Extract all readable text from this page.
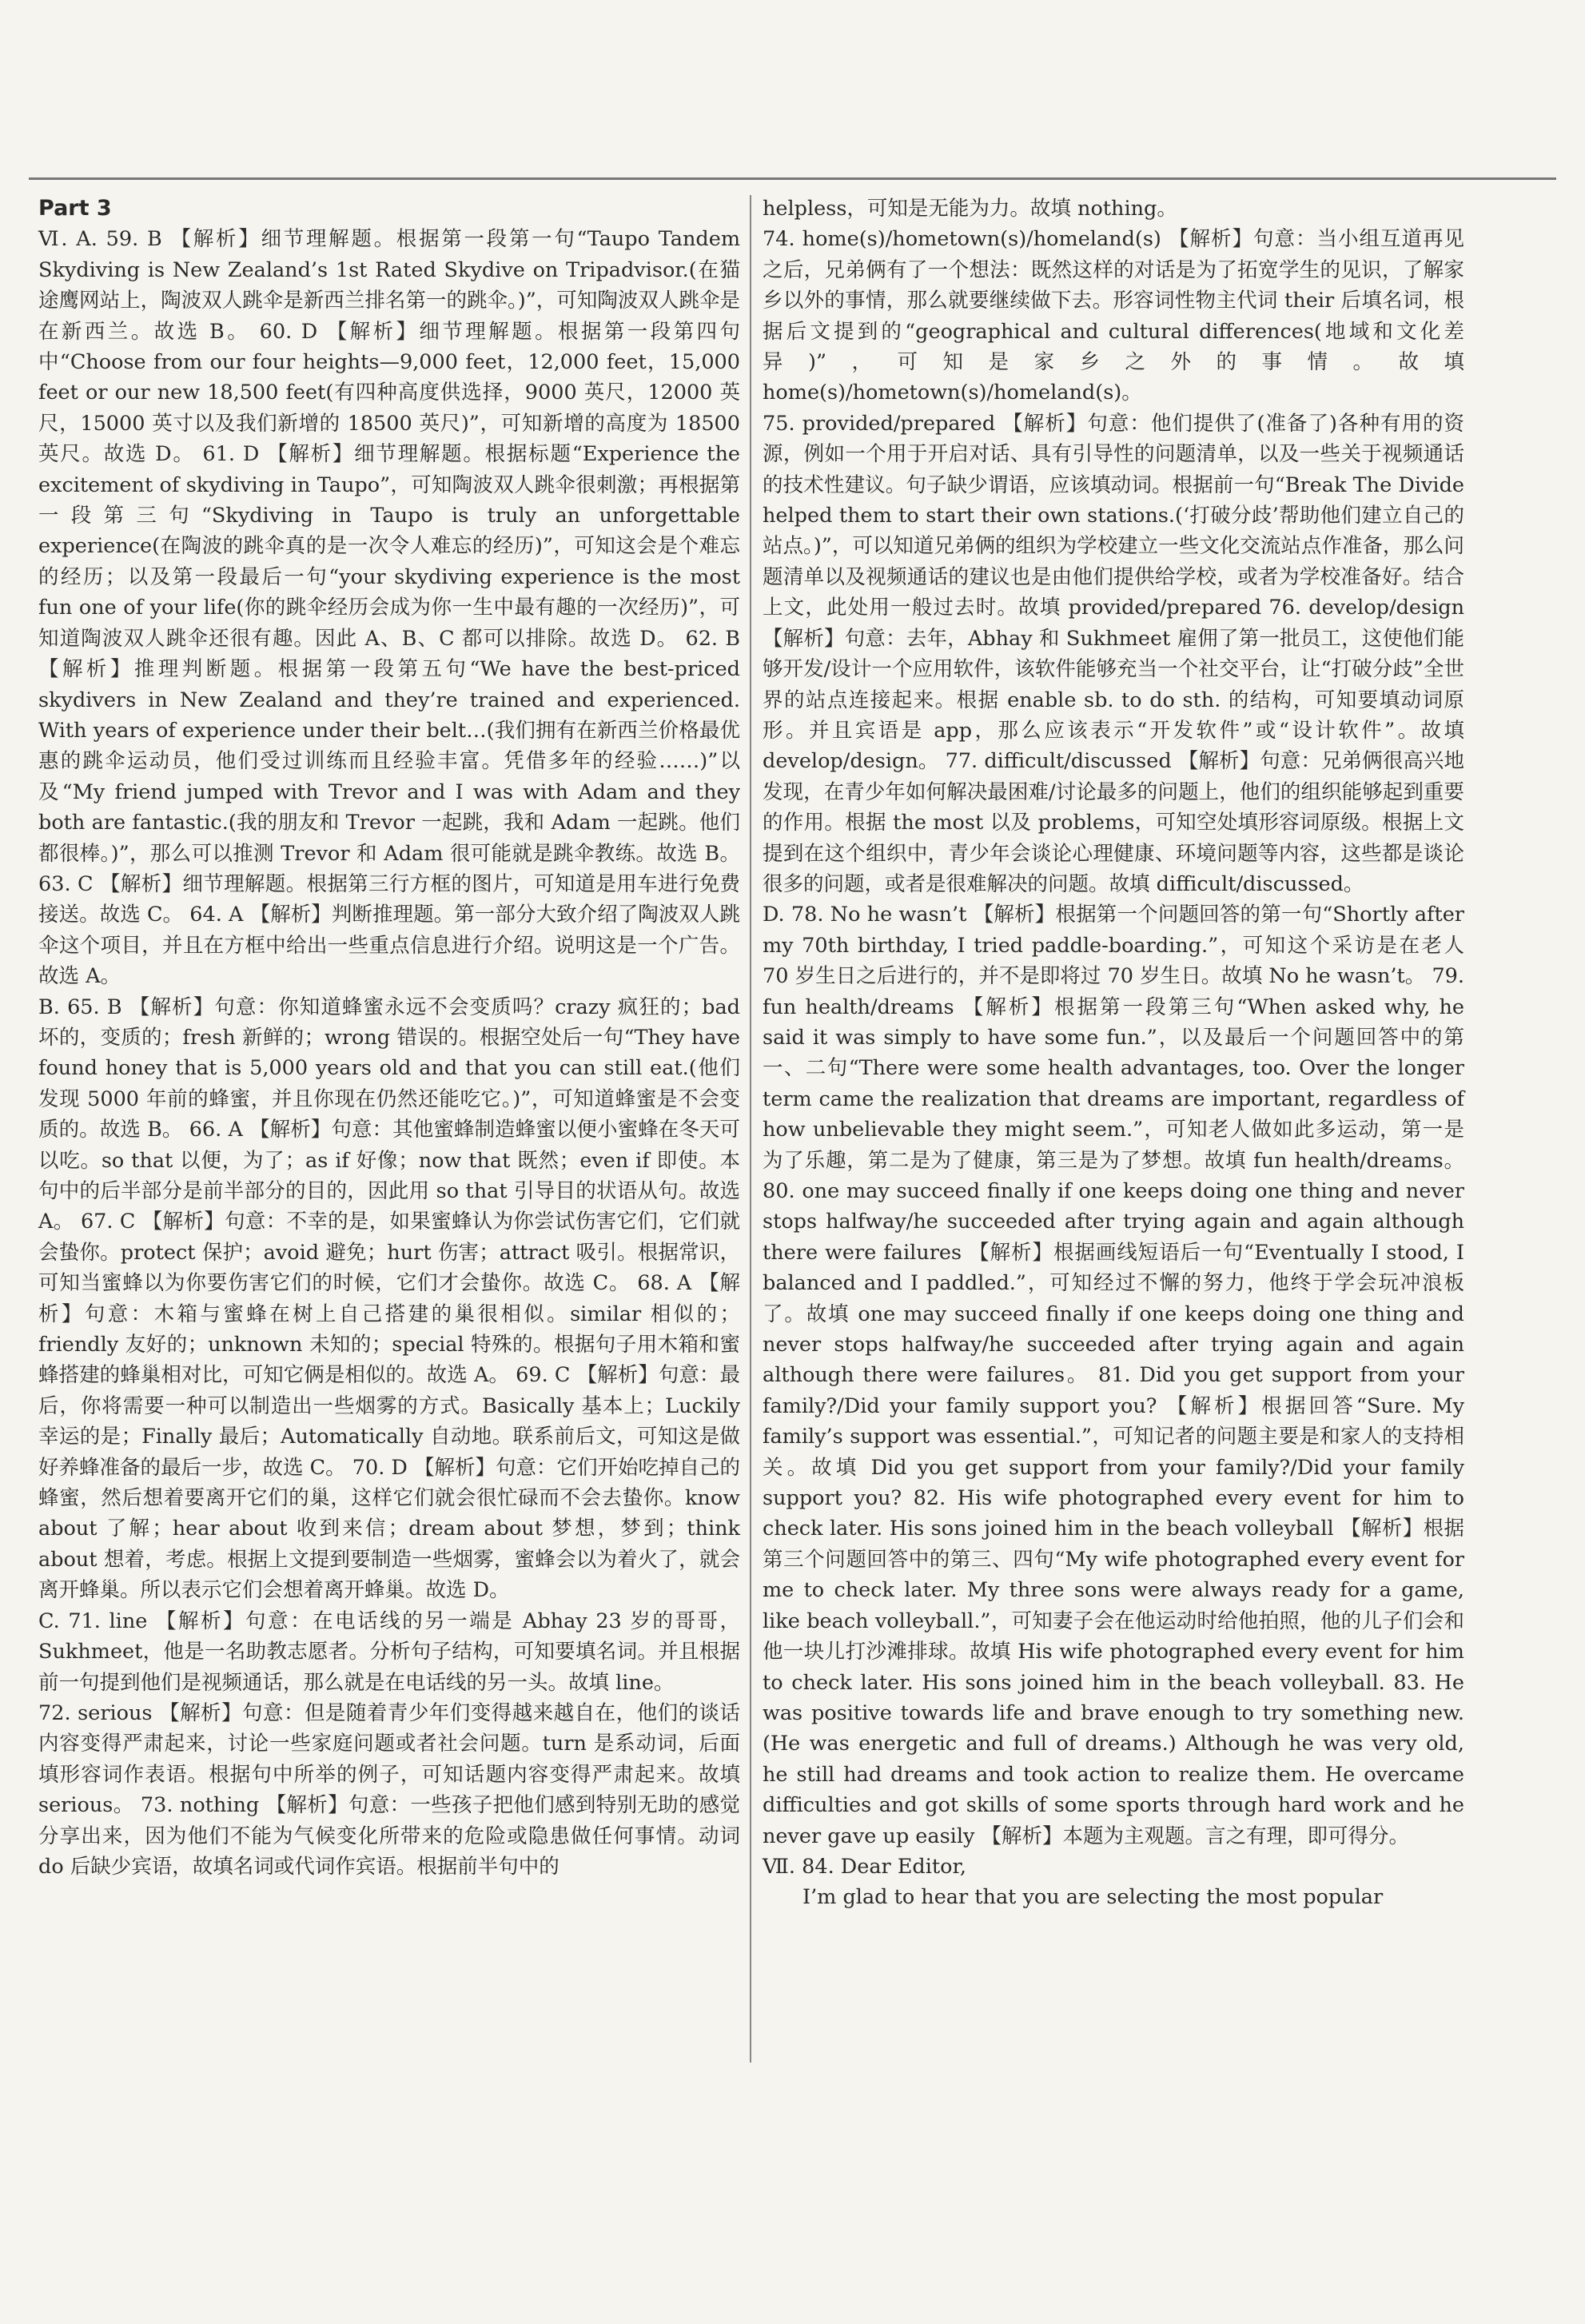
Part 3

Ⅵ. A. 59. B 【解析】细节理解题。根据第一段第一句“Taupo Tandem Skydiving is New Zealand’s 1st Rated Skydive on Tripadvisor.(在猫途鹰网站上，陶波双人跳伞是新西兰排名第一的跳伞。)”，可知陶波双人跳伞是在新西兰。故选 B。 60. D 【解析】细节理解题。根据第一段第四句中“Choose from our four heights—9,000 feet，12,000 feet，15,000 feet or our new 18,500 feet(有四种高度供选择，9000 英尺，12000 英尺，15000 英寸以及我们新增的 18500 英尺)”，可知新增的高度为 18500 英尺。故选 D。 61. D 【解析】细节理解题。根据标题“Experience the excitement of skydiving in Taupo”，可知陶波双人跳伞很刺激；再根据第一段第三句“Skydiving in Taupo is truly an unforgettable experience(在陶波的跳伞真的是一次令人难忘的经历)”，可知这会是个难忘的经历；以及第一段最后一句“your skydiving experience is the most fun one of your life(你的跳伞经历会成为你一生中最有趣的一次经历)”，可知道陶波双人跳伞还很有趣。因此 A、B、C 都可以排除。故选 D。 62. B 【解析】推理判断题。根据第一段第五句“We have the best-priced skydivers in New Zealand and they’re trained and experienced. With years of experience under their belt…(我们拥有在新西兰价格最优惠的跳伞运动员，他们受过训练而且经验丰富。凭借多年的经验……)”以及“My friend jumped with Trevor and I was with Adam and they both are fantastic.(我的朋友和 Trevor 一起跳，我和 Adam 一起跳。他们都很棒。)”，那么可以推测 Trevor 和 Adam 很可能就是跳伞教练。故选 B。 63. C 【解析】细节理解题。根据第三行方框的图片，可知道是用车进行免费接送。故选 C。 64. A 【解析】判断推理题。第一部分大致介绍了陶波双人跳伞这个项目，并且在方框中给出一些重点信息进行介绍。说明这是一个广告。故选 A。

B. 65. B 【解析】句意：你知道蜂蜜永远不会变质吗？crazy 疯狂的；bad 坏的，变质的；fresh 新鲜的；wrong 错误的。根据空处后一句“They have found honey that is 5,000 years old and that you can still eat.(他们发现 5000 年前的蜂蜜，并且你现在仍然还能吃它。)”，可知道蜂蜜是不会变质的。故选 B。 66. A 【解析】句意：其他蜜蜂制造蜂蜜以便小蜜蜂在冬天可以吃。so that 以便，为了；as if 好像；now that 既然；even if 即使。本句中的后半部分是前半部分的目的，因此用 so that 引导目的状语从句。故选 A。 67. C 【解析】句意：不幸的是，如果蜜蜂认为你尝试伤害它们，它们就会蛰你。protect 保护；avoid 避免；hurt 伤害；attract 吸引。根据常识，可知当蜜蜂以为你要伤害它们的时候，它们才会蛰你。故选 C。 68. A 【解析】句意：木箱与蜜蜂在树上自己搭建的巢很相似。similar 相似的；friendly 友好的；unknown 未知的；special 特殊的。根据句子用木箱和蜜蜂搭建的蜂巢相对比，可知它俩是相似的。故选 A。 69. C 【解析】句意：最后，你将需要一种可以制造出一些烟雾的方式。Basically 基本上；Luckily 幸运的是；Finally 最后；Automatically 自动地。联系前后文，可知这是做好养蜂准备的最后一步，故选 C。 70. D 【解析】句意：它们开始吃掉自己的蜂蜜，然后想着要离开它们的巢，这样它们就会很忙碌而不会去蛰你。know about 了解；hear about 收到来信；dream about 梦想，梦到；think about 想着，考虑。根据上文提到要制造一些烟雾，蜜蜂会以为着火了，就会离开蜂巢。所以表示它们会想着离开蜂巢。故选 D。

C. 71. line 【解析】句意：在电话线的另一端是 Abhay 23 岁的哥哥，Sukhmeet，他是一名助教志愿者。分析句子结构，可知要填名词。并且根据前一句提到他们是视频通话，那么就是在电话线的另一头。故填 line。

72. serious 【解析】句意：但是随着青少年们变得越来越自在，他们的谈话内容变得严肃起来，讨论一些家庭问题或者社会问题。turn 是系动词，后面填形容词作表语。根据句中所举的例子，可知话题内容变得严肃起来。故填 serious。 73. nothing 【解析】句意：一些孩子把他们感到特别无助的感觉分享出来，因为他们不能为气候变化所带来的危险或隐患做任何事情。动词 do 后缺少宾语，故填名词或代词作宾语。根据前半句中的

helpless，可知是无能为力。故填 nothing。

74. home(s)/hometown(s)/homeland(s) 【解析】句意：当小组互道再见之后，兄弟俩有了一个想法：既然这样的对话是为了拓宽学生的见识，了解家乡以外的事情，那么就要继续做下去。形容词性物主代词 their 后填名词，根据后文提到的“geographical and cultural differences(地域和文化差异)”，可知是家乡之外的事情。故填 home(s)/hometown(s)/homeland(s)。

75. provided/prepared 【解析】句意：他们提供了(准备了)各种有用的资源，例如一个用于开启对话、具有引导性的问题清单，以及一些关于视频通话的技术性建议。句子缺少谓语，应该填动词。根据前一句“Break The Divide helped them to start their own stations.(‘打破分歧’帮助他们建立自己的站点。)”，可以知道兄弟俩的组织为学校建立一些文化交流站点作准备，那么问题清单以及视频通话的建议也是由他们提供给学校，或者为学校准备好。结合上文，此处用一般过去时。故填 provided/prepared 76. develop/design 【解析】句意：去年，Abhay 和 Sukhmeet 雇佣了第一批员工，这使他们能够开发/设计一个应用软件，该软件能够充当一个社交平台，让“打破分歧”全世界的站点连接起来。根据 enable sb. to do sth. 的结构，可知要填动词原形。并且宾语是 app，那么应该表示“开发软件”或“设计软件”。故填 develop/design。 77. difficult/discussed 【解析】句意：兄弟俩很高兴地发现，在青少年如何解决最困难/讨论最多的问题上，他们的组织能够起到重要的作用。根据 the most 以及 problems，可知空处填形容词原级。根据上文提到在这个组织中，青少年会谈论心理健康、环境问题等内容，这些都是谈论很多的问题，或者是很难解决的问题。故填 difficult/discussed。

D. 78. No he wasn’t 【解析】根据第一个问题回答的第一句“Shortly after my 70th birthday, I tried paddle-boarding.”，可知这个采访是在老人 70 岁生日之后进行的，并不是即将过 70 岁生日。故填 No he wasn’t。 79. fun health/dreams 【解析】根据第一段第三句“When asked why, he said it was simply to have some fun.”，以及最后一个问题回答中的第一、二句“There were some health advantages, too. Over the longer term came the realization that dreams are important, regardless of how unbelievable they might seem.”，可知老人做如此多运动，第一是为了乐趣，第二是为了健康，第三是为了梦想。故填 fun health/dreams。 80. one may succeed finally if one keeps doing one thing and never stops halfway/he succeeded after trying again and again although there were failures 【解析】根据画线短语后一句“Eventually I stood, I balanced and I paddled.”，可知经过不懈的努力，他终于学会玩冲浪板了。故填 one may succeed finally if one keeps doing one thing and never stops halfway/he succeeded after trying again and again although there were failures。 81. Did you get support from your family?/Did your family support you? 【解析】根据回答“Sure. My family’s support was essential.”，可知记者的问题主要是和家人的支持相关。故填 Did you get support from your family?/Did your family support you? 82. His wife photographed every event for him to check later. His sons joined him in the beach volleyball 【解析】根据第三个问题回答中的第三、四句“My wife photographed every event for me to check later. My three sons were always ready for a game, like beach volleyball.”，可知妻子会在他运动时给他拍照，他的儿子们会和他一块儿打沙滩排球。故填 His wife photographed every event for him to check later. His sons joined him in the beach volleyball. 83. He was positive towards life and brave enough to try something new. (He was energetic and full of dreams.) Although he was very old, he still had dreams and took action to realize them. He overcame difficulties and got skills of some sports through hard work and he never gave up easily 【解析】本题为主观题。言之有理，即可得分。

Ⅶ. 84. Dear Editor,

I’m glad to hear that you are selecting the most popular
